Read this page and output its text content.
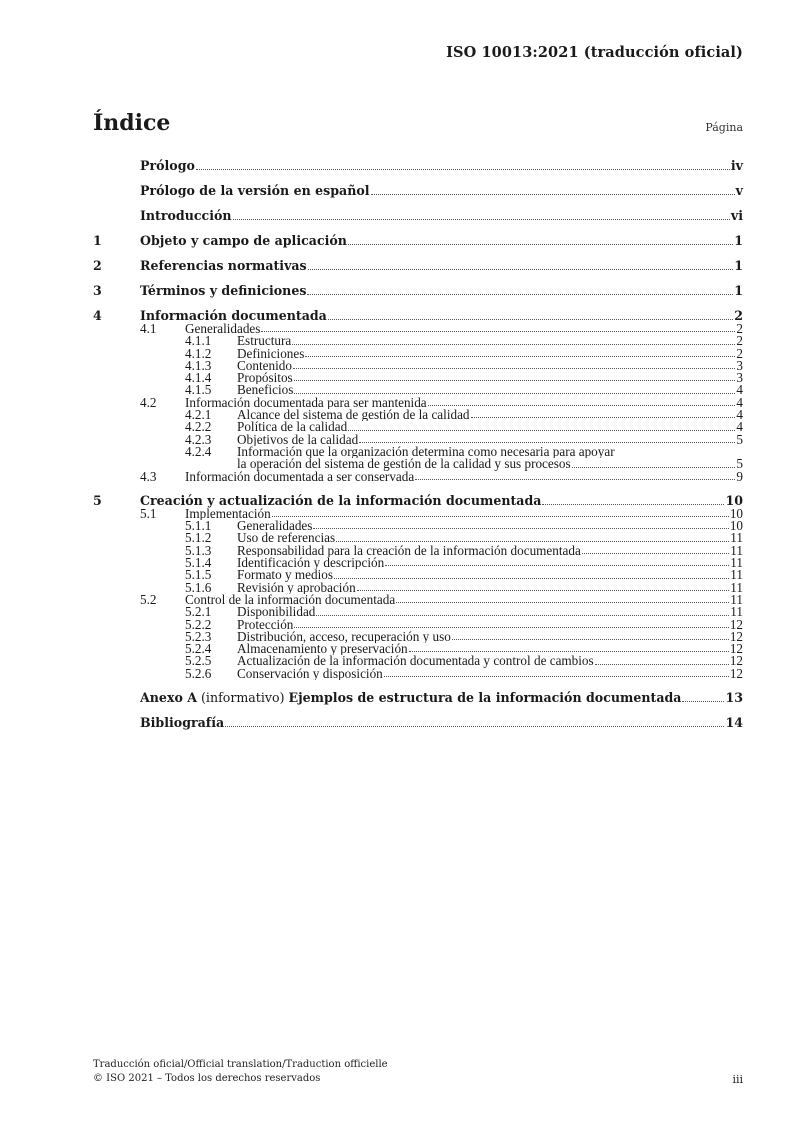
ISO 10013:2021 (traducción oficial)
Índice	Página
Prólogo	iv
Prólogo de la versión en español	v
Introducción	vi
1	Objeto y campo de aplicación	1
2	Referencias normativas	1
3	Términos y definiciones	1
4	Información documentada	2
4.1 Generalidades	2
4.1.1 Estructura	2
4.1.2 Definiciones	2
4.1.3 Contenido	3
4.1.4 Propósitos	3
4.1.5 Beneficios	4
4.2 Información documentada para ser mantenida	4
4.2.1 Alcance del sistema de gestión de la calidad	4
4.2.2 Política de la calidad	4
4.2.3 Objetivos de la calidad	5
4.2.4 Información que la organización determina como necesaria para apoyar
la operación del sistema de gestión de la calidad y sus procesos	5
4.3 Información documentada a ser conservada	9
5	Creación y actualización de la información documentada	10
5.1 Implementación	10
5.1.1 Generalidades	10
5.1.2 Uso de referencias	11
5.1.3 Responsabilidad para la creación de la información documentada	11
5.1.4 Identificación y descripción	11
5.1.5 Formato y medios	11
5.1.6 Revisión y aprobación	11
5.2 Control de la información documentada	11
5.2.1 Disponibilidad	11
5.2.2 Protección	12
5.2.3 Distribución, acceso, recuperación y uso	12
5.2.4 Almacenamiento y preservación	12
5.2.5 Actualización de la información documentada y control de cambios	12
5.2.6 Conservación y disposición	12
Anexo A (informativo) Ejemplos de estructura de la información documentada	13
Bibliografía	14
Traducción oficial/Official translation/Traduction officielle
© ISO 2021 – Todos los derechos reservados	iii
